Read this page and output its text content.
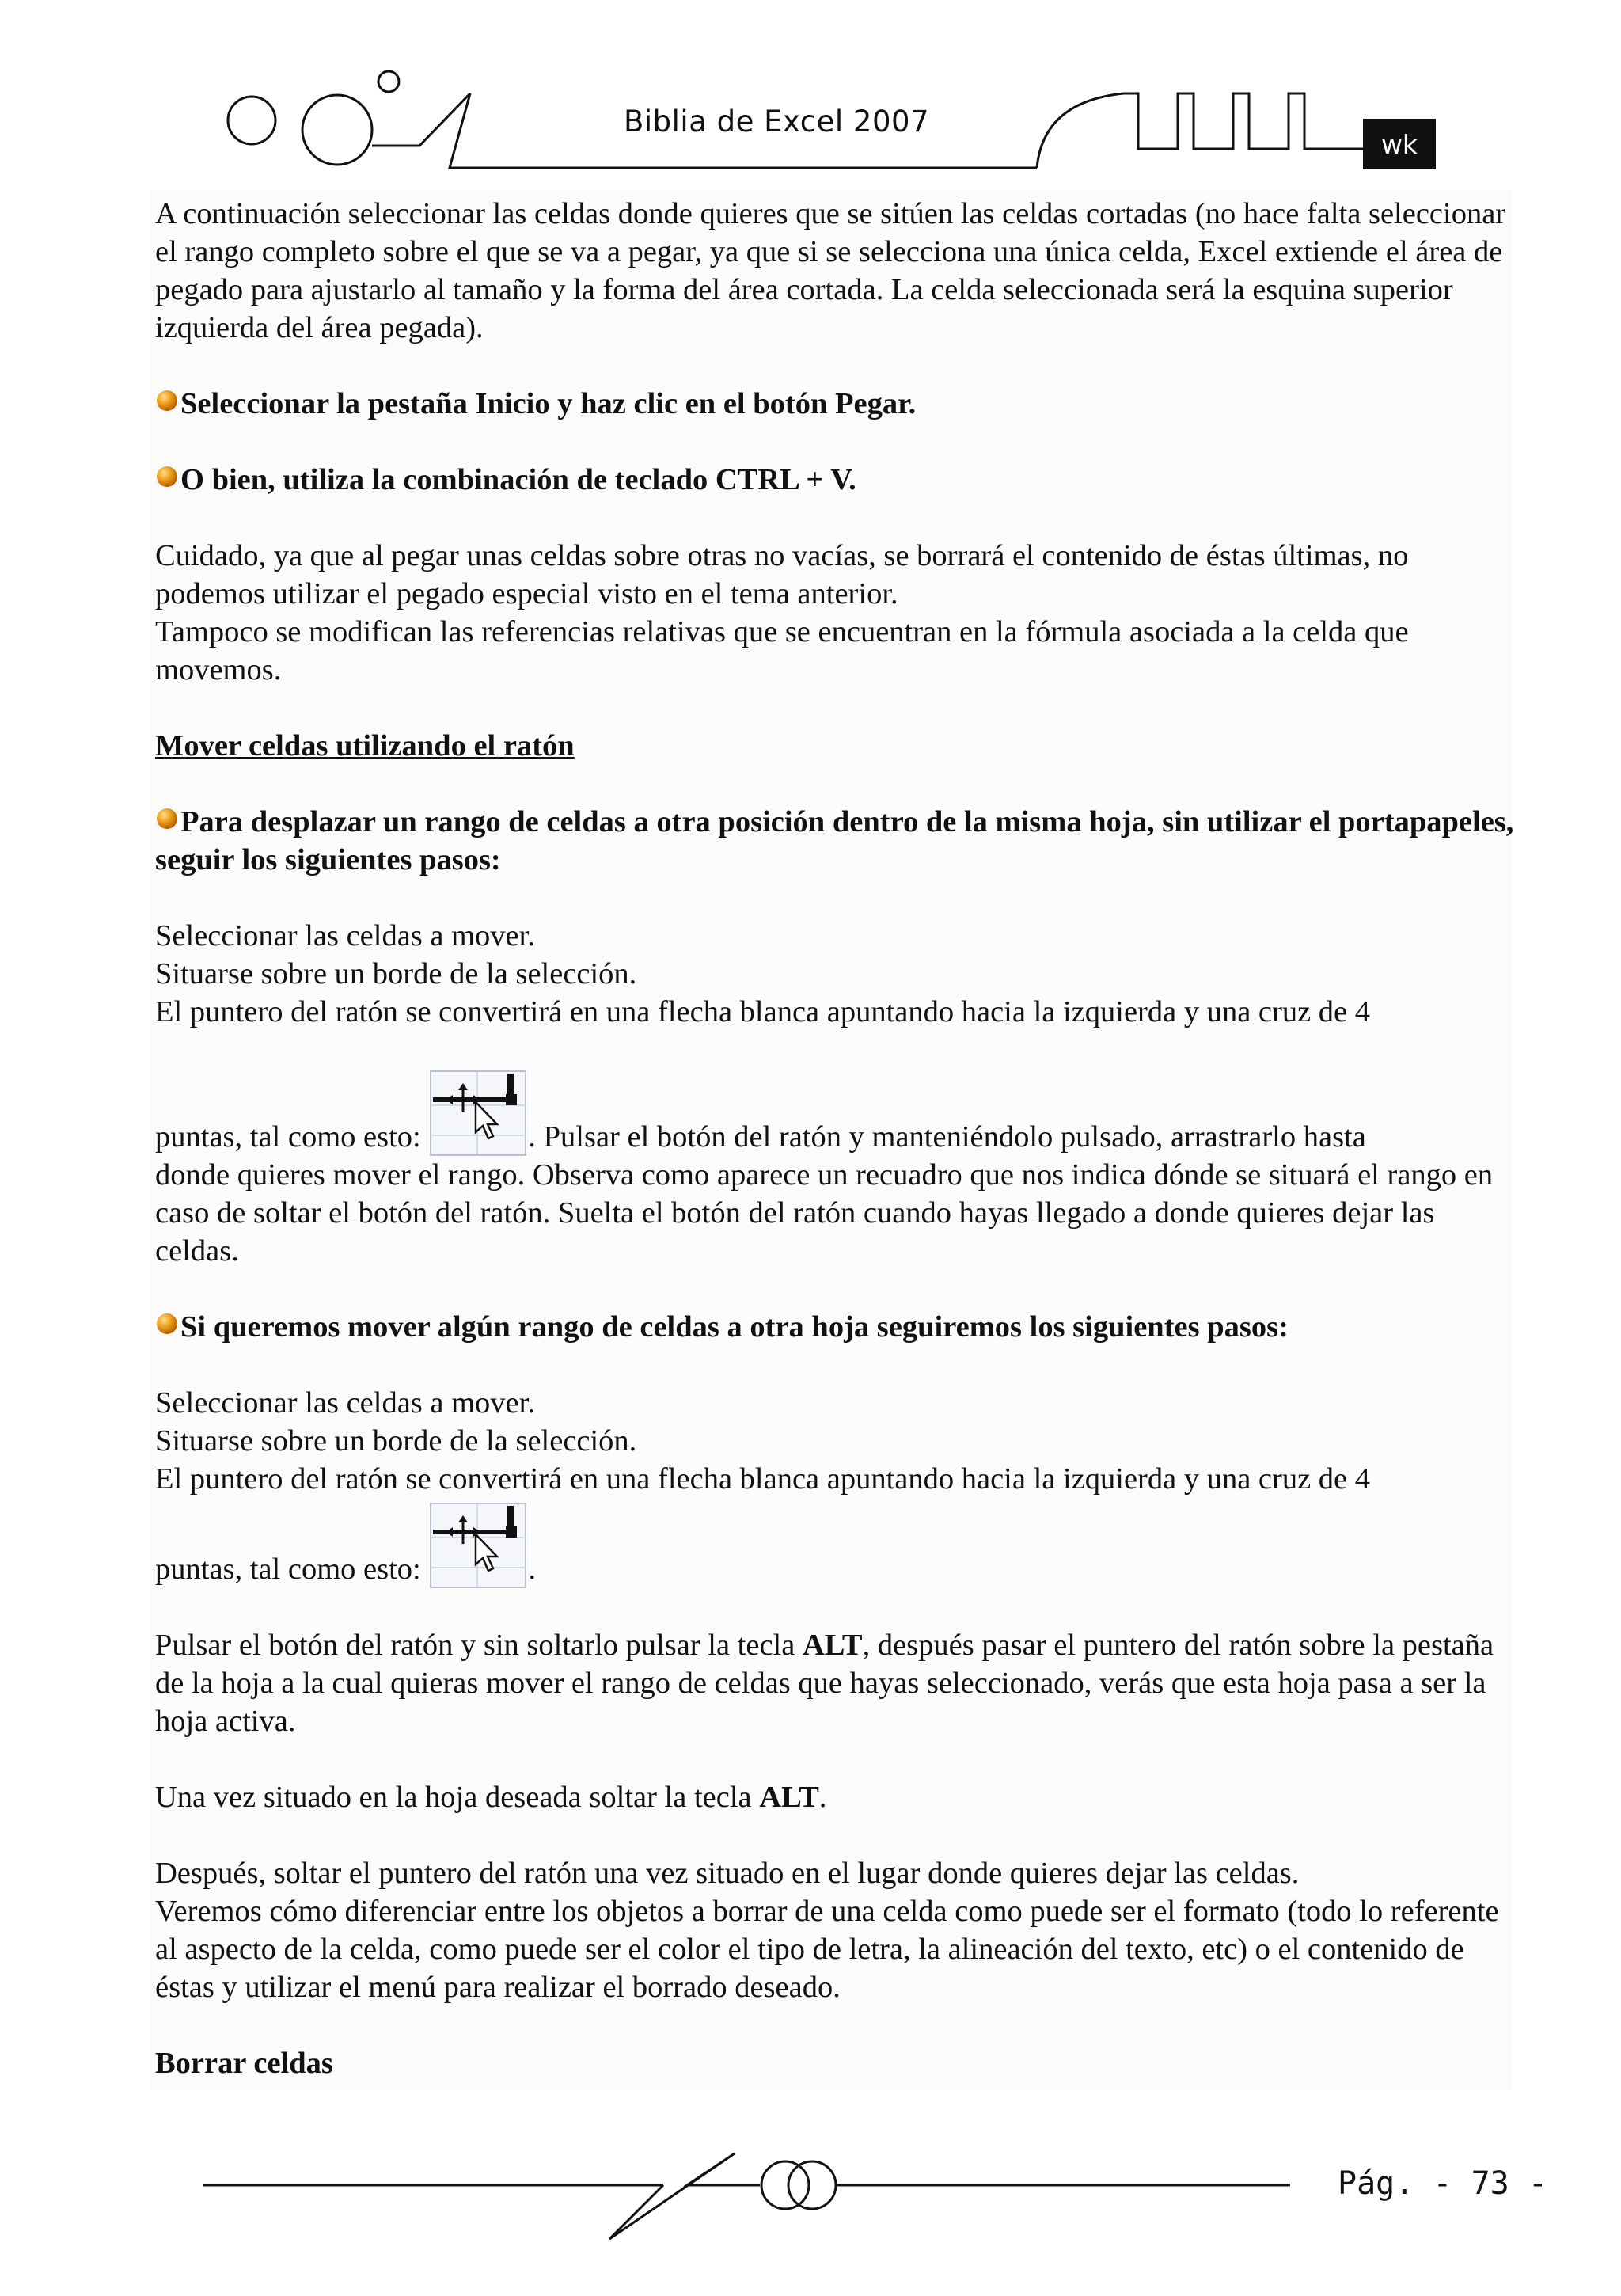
Biblia de Excel 2007
wk

A continuación seleccionar las celdas donde quieres que se sitúen las celdas cortadas (no hace falta seleccionar el rango completo sobre el que se va a pegar, ya que si se selecciona una única celda, Excel extiende el área de pegado para ajustarlo al tamaño y la forma del área cortada. La celda seleccionada será la esquina superior izquierda del área pegada).

Seleccionar la pestaña Inicio y haz clic en el botón Pegar.

O bien, utiliza la combinación de teclado CTRL + V.

Cuidado, ya que al pegar unas celdas sobre otras no vacías, se borrará el contenido de éstas últimas, no podemos utilizar el pegado especial visto en el tema anterior.

Tampoco se modifican las referencias relativas que se encuentran en la fórmula asociada a la celda que movemos.

Mover celdas utilizando el ratón

Para desplazar un rango de celdas a otra posición dentro de la misma hoja, sin utilizar el portapapeles, seguir los siguientes pasos:

Seleccionar las celdas a mover.

Situarse sobre un borde de la selección.

El puntero del ratón se convertirá en una flecha blanca apuntando hacia la izquierda y una cruz de 4

puntas, tal como esto:	. Pulsar el botón del ratón y manteniéndolo pulsado, arrastrarlo hasta

donde quieres mover el rango. Observa como aparece un recuadro que nos indica dónde se situará el rango en caso de soltar el botón del ratón. Suelta el botón del ratón cuando hayas llegado a donde quieres dejar las celdas.

Si queremos mover algún rango de celdas a otra hoja seguiremos los siguientes pasos:

Seleccionar las celdas a mover.

Situarse sobre un borde de la selección.

El puntero del ratón se convertirá en una flecha blanca apuntando hacia la izquierda y una cruz de 4

puntas, tal como esto:	.

Pulsar el botón del ratón y sin soltarlo pulsar la tecla ALT, después pasar el puntero del ratón sobre la pestaña de la hoja a la cual quieras mover el rango de celdas que hayas seleccionado, verás que esta hoja pasa a ser la hoja activa.

Una vez situado en la hoja deseada soltar la tecla ALT.

Después, soltar el puntero del ratón una vez situado en el lugar donde quieres dejar las celdas.

Veremos cómo diferenciar entre los objetos a borrar de una celda como puede ser el formato (todo lo referente al aspecto de la celda, como puede ser el color el tipo de letra, la alineación del texto, etc) o el contenido de éstas y utilizar el menú para realizar el borrado deseado.

Borrar celdas

Pág. - 73 -
